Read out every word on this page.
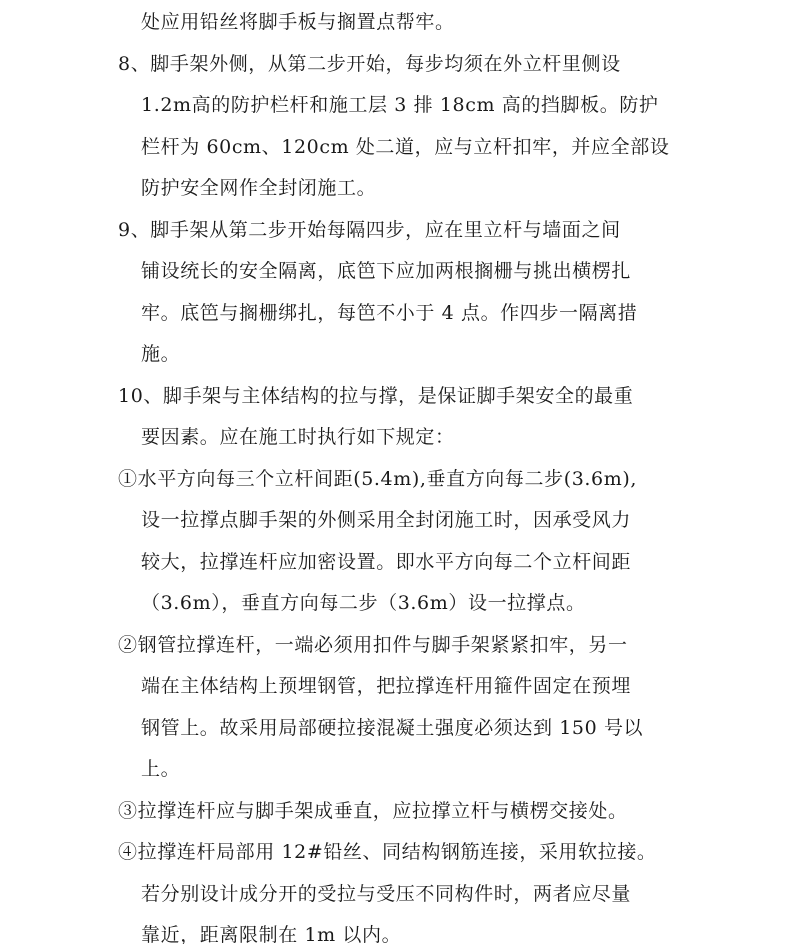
处应用铅丝将脚手板与搁置点帮牢。
8、脚手架外侧，从第二步开始，每步均须在外立杆里侧设
1.2m高的防护栏杆和施工层 3 排 18cm 高的挡脚板。防护
栏杆为 60cm、120cm 处二道，应与立杆扣牢，并应全部设
防护安全网作全封闭施工。
9、脚手架从第二步开始每隔四步，应在里立杆与墙面之间
铺设统长的安全隔离，底笆下应加两根搁栅与挑出横楞扎
牢。底笆与搁栅绑扎，每笆不小于 4 点。作四步一隔离措
施。
10、脚手架与主体结构的拉与撑，是保证脚手架安全的最重
要因素。应在施工时执行如下规定：
①水平方向每三个立杆间距(5.4m),垂直方向每二步(3.6m),
设一拉撑点脚手架的外侧采用全封闭施工时，因承受风力
较大，拉撑连杆应加密设置。即水平方向每二个立杆间距
（3.6m），垂直方向每二步（3.6m）设一拉撑点。
②钢管拉撑连杆，一端必须用扣件与脚手架紧紧扣牢，另一
端在主体结构上预埋钢管，把拉撑连杆用箍件固定在预埋
钢管上。故采用局部硬拉接混凝土强度必须达到 150 号以
上。
③拉撑连杆应与脚手架成垂直，应拉撑立杆与横楞交接处。
④拉撑连杆局部用 12#铅丝、同结构钢筋连接，采用软拉接。
若分别设计成分开的受拉与受压不同构件时，两者应尽量
靠近，距离限制在 1m 以内。
